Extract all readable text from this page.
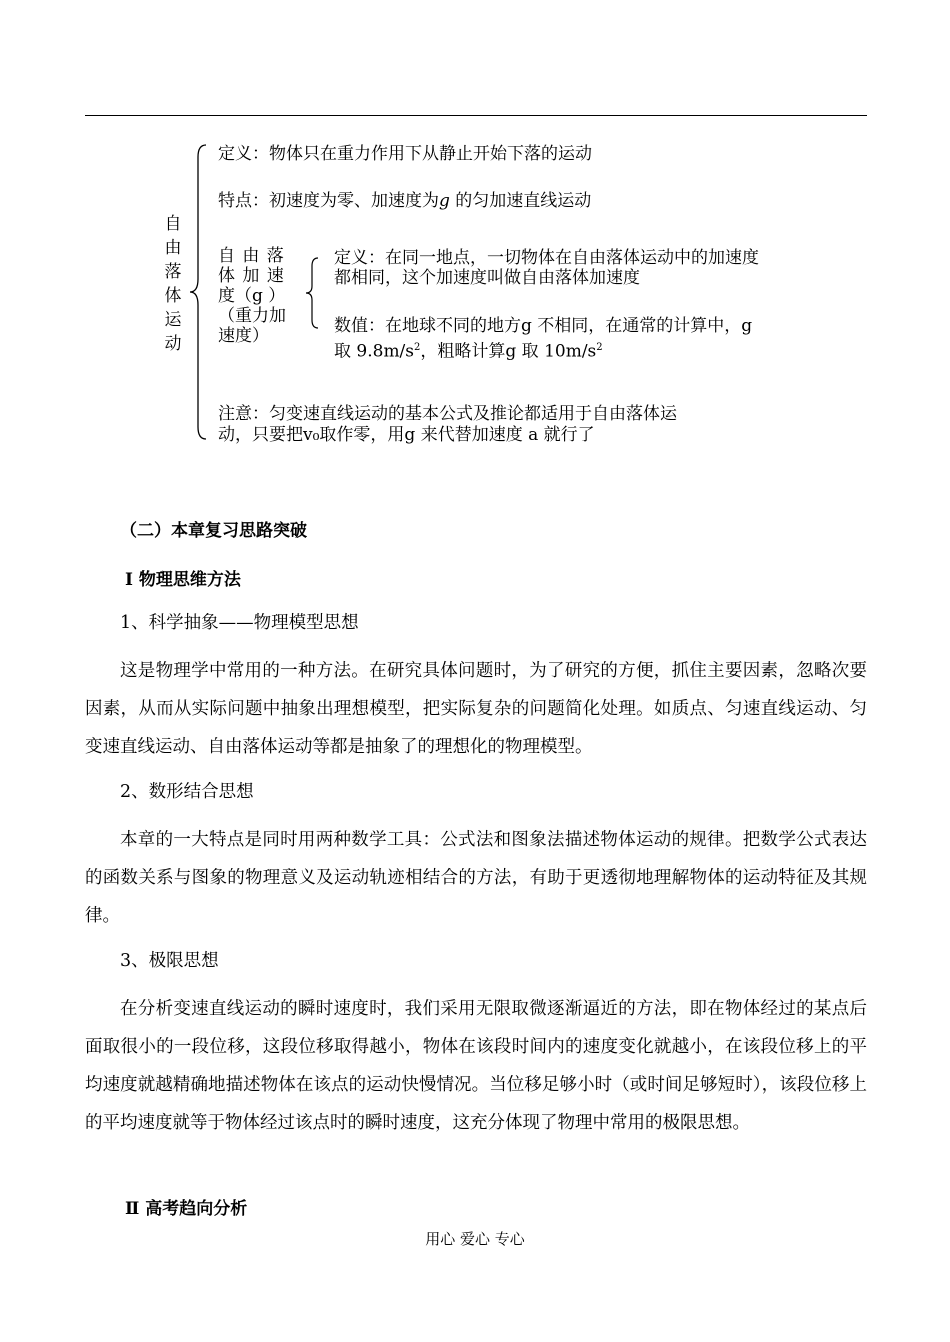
自
由
落
体
运
动
定义：物体只在重力作用下从静止开始下落的运动
特点：初速度为零、加速度为g 的匀加速直线运动
自 由 落
体 加 速
度（g ）
（重力加
速度）
定义：在同一地点，一切物体在自由落体运动中的加速度
都相同，这个加速度叫做自由落体加速度
数值：在地球不同的地方g 不相同，在通常的计算中，g
取 $9.8m/s^2$，粗略计算g 取 $10m/s^2$
注意：匀变速直线运动的基本公式及推论都适用于自由落体运
动，只要把v₀取作零，用g 来代替加速度 a 就行了
（二）本章复习思路突破
Ⅰ 物理思维方法
1、科学抽象——物理模型思想
这是物理学中常用的一种方法。在研究具体问题时，为了研究的方便，抓住主要因素，忽略次要因素，从而从实际问题中抽象出理想模型，把实际复杂的问题简化处理。如质点、匀速直线运动、匀变速直线运动、自由落体运动等都是抽象了的理想化的物理模型。
2、数形结合思想
本章的一大特点是同时用两种数学工具：公式法和图象法描述物体运动的规律。把数学公式表达的函数关系与图象的物理意义及运动轨迹相结合的方法，有助于更透彻地理解物体的运动特征及其规律。
3、极限思想
在分析变速直线运动的瞬时速度时，我们采用无限取微逐渐逼近的方法，即在物体经过的某点后面取很小的一段位移，这段位移取得越小，物体在该段时间内的速度变化就越小，在该段位移上的平均速度就越精确地描述物体在该点的运动快慢情况。当位移足够小时（或时间足够短时），该段位移上的平均速度就等于物体经过该点时的瞬时速度，这充分体现了物理中常用的极限思想。
Ⅱ 高考趋向分析
用心 爱心 专心
